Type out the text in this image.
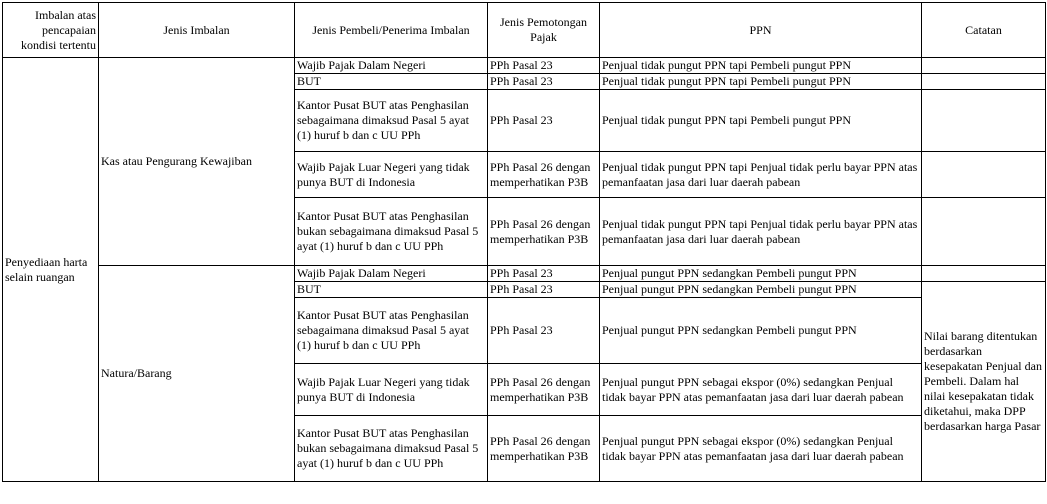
Imbalan atas pencapaian kondisi tertentu	Jenis Imbalan	Jenis Pembeli/Penerima Imbalan	Jenis Pemotongan Pajak	PPN	Catatan
Penyediaan harta selain ruangan	Kas atau Pengurang Kewajiban	Wajib Pajak Dalam Negeri	PPh Pasal 23	Penjual tidak pungut PPN tapi Pembeli pungut PPN	
		BUT	PPh Pasal 23	Penjual tidak pungut PPN tapi Pembeli pungut PPN	
		Kantor Pusat BUT atas Penghasilan sebagaimana dimaksud Pasal 5 ayat (1) huruf b dan c UU PPh	PPh Pasal 23	Penjual tidak pungut PPN tapi Pembeli pungut PPN	
		Wajib Pajak Luar Negeri yang tidak punya BUT di Indonesia	PPh Pasal 26 dengan memperhatikan P3B	Penjual tidak pungut PPN tapi Penjual tidak perlu bayar PPN atas pemanfaatan jasa dari luar daerah pabean	
		Kantor Pusat BUT atas Penghasilan bukan sebagaimana dimaksud Pasal 5 ayat (1) huruf b dan c UU PPh	PPh Pasal 26 dengan memperhatikan P3B	Penjual tidak pungut PPN tapi Penjual tidak perlu bayar PPN atas pemanfaatan jasa dari luar daerah pabean	
	Natura/Barang	Wajib Pajak Dalam Negeri	PPh Pasal 23	Penjual pungut PPN sedangkan Pembeli pungut PPN	
		BUT	PPh Pasal 23	Penjual pungut PPN sedangkan Pembeli pungut PPN	Nilai barang ditentukan berdasarkan kesepakatan Penjual dan Pembeli. Dalam hal nilai kesepakatan tidak diketahui, maka DPP berdasarkan harga Pasar
		Kantor Pusat BUT atas Penghasilan sebagaimana dimaksud Pasal 5 ayat (1) huruf b dan c UU PPh	PPh Pasal 23	Penjual pungut PPN sedangkan Pembeli pungut PPN	
		Wajib Pajak Luar Negeri yang tidak punya BUT di Indonesia	PPh Pasal 26 dengan memperhatikan P3B	Penjual pungut PPN sebagai ekspor (0%) sedangkan Penjual tidak bayar PPN atas pemanfaatan jasa dari luar daerah pabean	
		Kantor Pusat BUT atas Penghasilan bukan sebagaimana dimaksud Pasal 5 ayat (1) huruf b dan c UU PPh	PPh Pasal 26 dengan memperhatikan P3B	Penjual pungut PPN sebagai ekspor (0%) sedangkan Penjual tidak bayar PPN atas pemanfaatan jasa dari luar daerah pabean	
